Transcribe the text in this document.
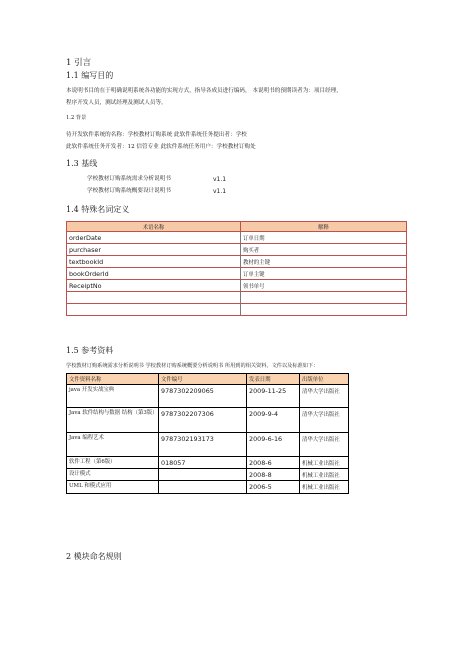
1 引言
1.1 编写目的
本说明书目的在于明确说明系统各功能的实现方式，指导各成员进行编码， 本说明书的预期读者为：项目经理，
程序开发人员，测试经理及测试人员等。
1.2 背景
待开发软件系统的名称：学校教材订购系统 此软件系统任务提出者：学校
此软件系统任务开发者：12 信管专业 此软件系统任务用户：学校教材订购处
1.3 基线
学校教材订购系统需求分析说明书	v1.1
学校教材订购系统概要设计说明书	v1.1
1.4 特殊名词定义
术语名称	解释
orderDate	订单日期
purchaser	购买者
textbookId	教材的主键
bookOrderId	订单主键
ReceiptNo	领书单号

1.5 参考资料
学校教材订购系统需求分析说明书 学校教材订购系统概要分析说明书 所用到的相关资料，文件以及标准如下：
文件资料名称	文件编号	发表日期	出版单位
java 开发实战宝典	9787302209065	2009-11-25	清华大学出版社
Java 软件结构与数据 结构（第3版）	9787302207306	2009-9-4	清华大学出版社
Java 编程艺术	9787302193173	2009-6-16	清华大学出版社
软件工程（第6版）	018057	2008-6	机械工业出版社
设计模式		2008-8	机械工业出版社
UML 和模式应用		2006-5	机械工业出版社
2 模块命名规则
